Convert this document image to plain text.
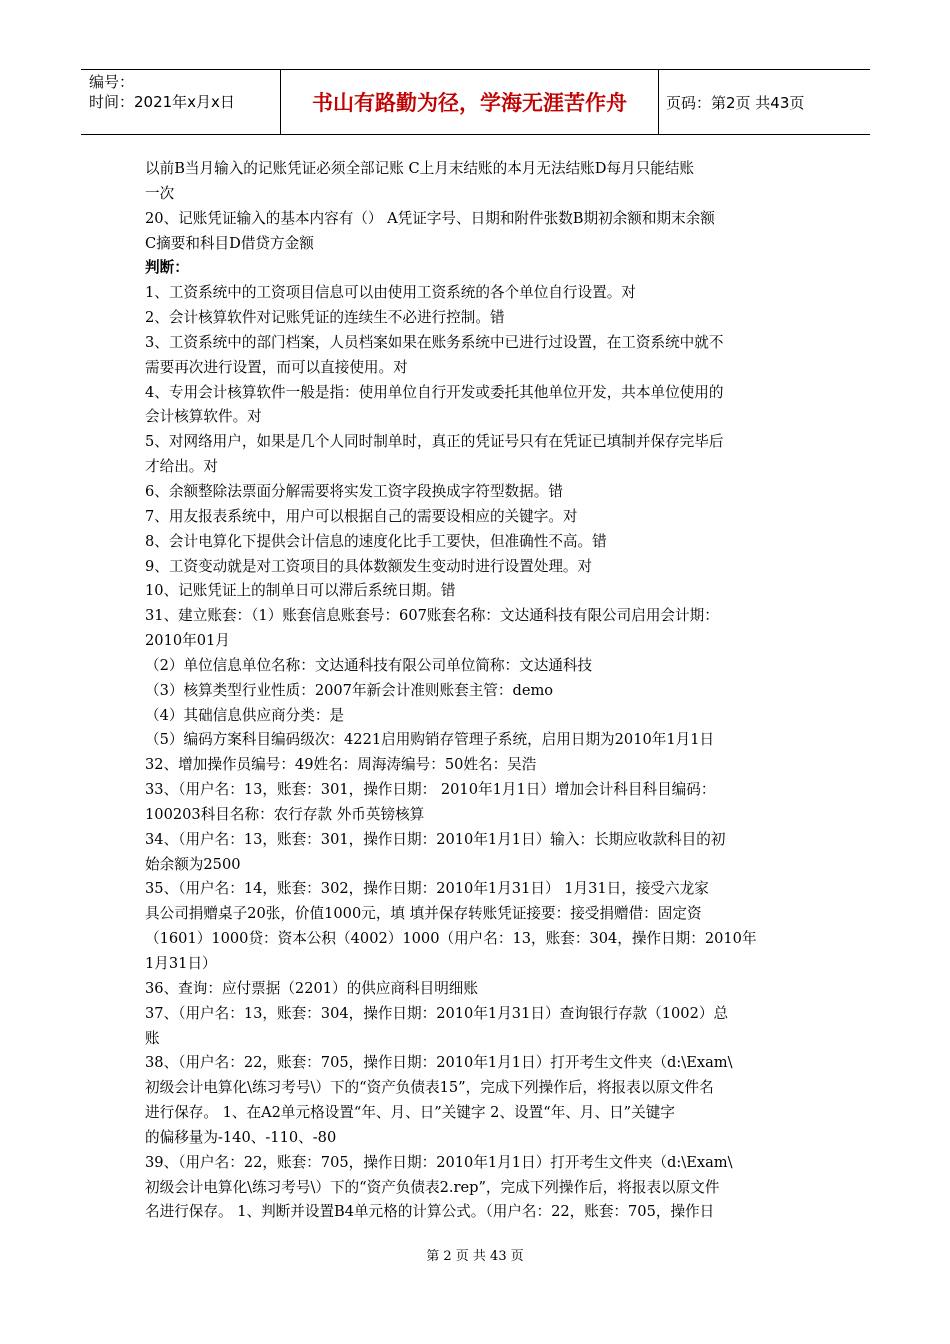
编号：
时间：2021年x月x日	书山有路勤为径，学海无涯苦作舟	页码：第2页 共43页

以前B当月输入的记账凭证必须全部记账 C上月末结账的本月无法结账D每月只能结账

一次

20、记账凭证输入的基本内容有（） A凭证字号、日期和附件张数B期初余额和期末余额

C摘要和科目D借贷方金额

判断：

1、工资系统中的工资项目信息可以由使用工资系统的各个单位自行设置。对

2、会计核算软件对记账凭证的连续生不必进行控制。错

3、工资系统中的部门档案，人员档案如果在账务系统中已进行过设置，在工资系统中就不

需要再次进行设置，而可以直接使用。对

4、专用会计核算软件一般是指：使用单位自行开发或委托其他单位开发，共本单位使用的

会计核算软件。对

5、对网络用户，如果是几个人同时制单时，真正的凭证号只有在凭证已填制并保存完毕后

才给出。对

6、余额整除法票面分解需要将实发工资字段换成字符型数据。错

7、用友报表系统中，用户可以根据自己的需要设相应的关键字。对

8、会计电算化下提供会计信息的速度化比手工要快，但准确性不高。错

9、工资变动就是对工资项目的具体数额发生变动时进行设置处理。对

10、记账凭证上的制单日可以滞后系统日期。错

31、建立账套：（1）账套信息账套号：607账套名称：文达通科技有限公司启用会计期：

2010年01月

（2）单位信息单位名称：文达通科技有限公司单位简称：文达通科技

（3）核算类型行业性质：2007年新会计准则账套主管：demo

（4）其础信息供应商分类：是

（5）编码方案科目编码级次：4221启用购销存管理子系统，启用日期为2010年1月1日

32、增加操作员编号：49姓名：周海涛编号：50姓名：吴浩

33、（用户名：13，账套：301，操作日期： 2010年1月1日）增加会计科目科目编码：

100203科目名称：农行存款 外币英镑核算

34、（用户名：13，账套：301，操作日期：2010年1月1日）输入：长期应收款科目的初

始余额为2500

35、（用户名：14，账套：302，操作日期：2010年1月31日） 1月31日，接受六龙家

具公司捐赠桌子20张，价值1000元，填 填并保存转账凭证接要：接受捐赠借：固定资

（1601）1000贷：资本公积（4002）1000（用户名：13，账套：304，操作日期：2010年

1月31日）

36、查询：应付票据（2201）的供应商科目明细账

37、（用户名：13，账套：304，操作日期：2010年1月31日）查询银行存款（1002）总

账

38、（用户名：22，账套：705，操作日期：2010年1月1日）打开考生文件夹（d:\Exam\

初级会计电算化\练习考号\）下的“资产负债表15”，完成下列操作后，将报表以原文件名

进行保存。 1、在A2单元格设置“年、月、日”关键字 2、设置“年、月、日”关键字

的偏移量为-140、-110、-80

39、（用户名：22，账套：705，操作日期：2010年1月1日）打开考生文件夹（d:\Exam\

初级会计电算化\练习考号\）下的“资产负债表2.rep”，完成下列操作后，将报表以原文件

名进行保存。 1、判断并设置B4单元格的计算公式。（用户名：22，账套：705，操作日

第 2 页 共 43 页
